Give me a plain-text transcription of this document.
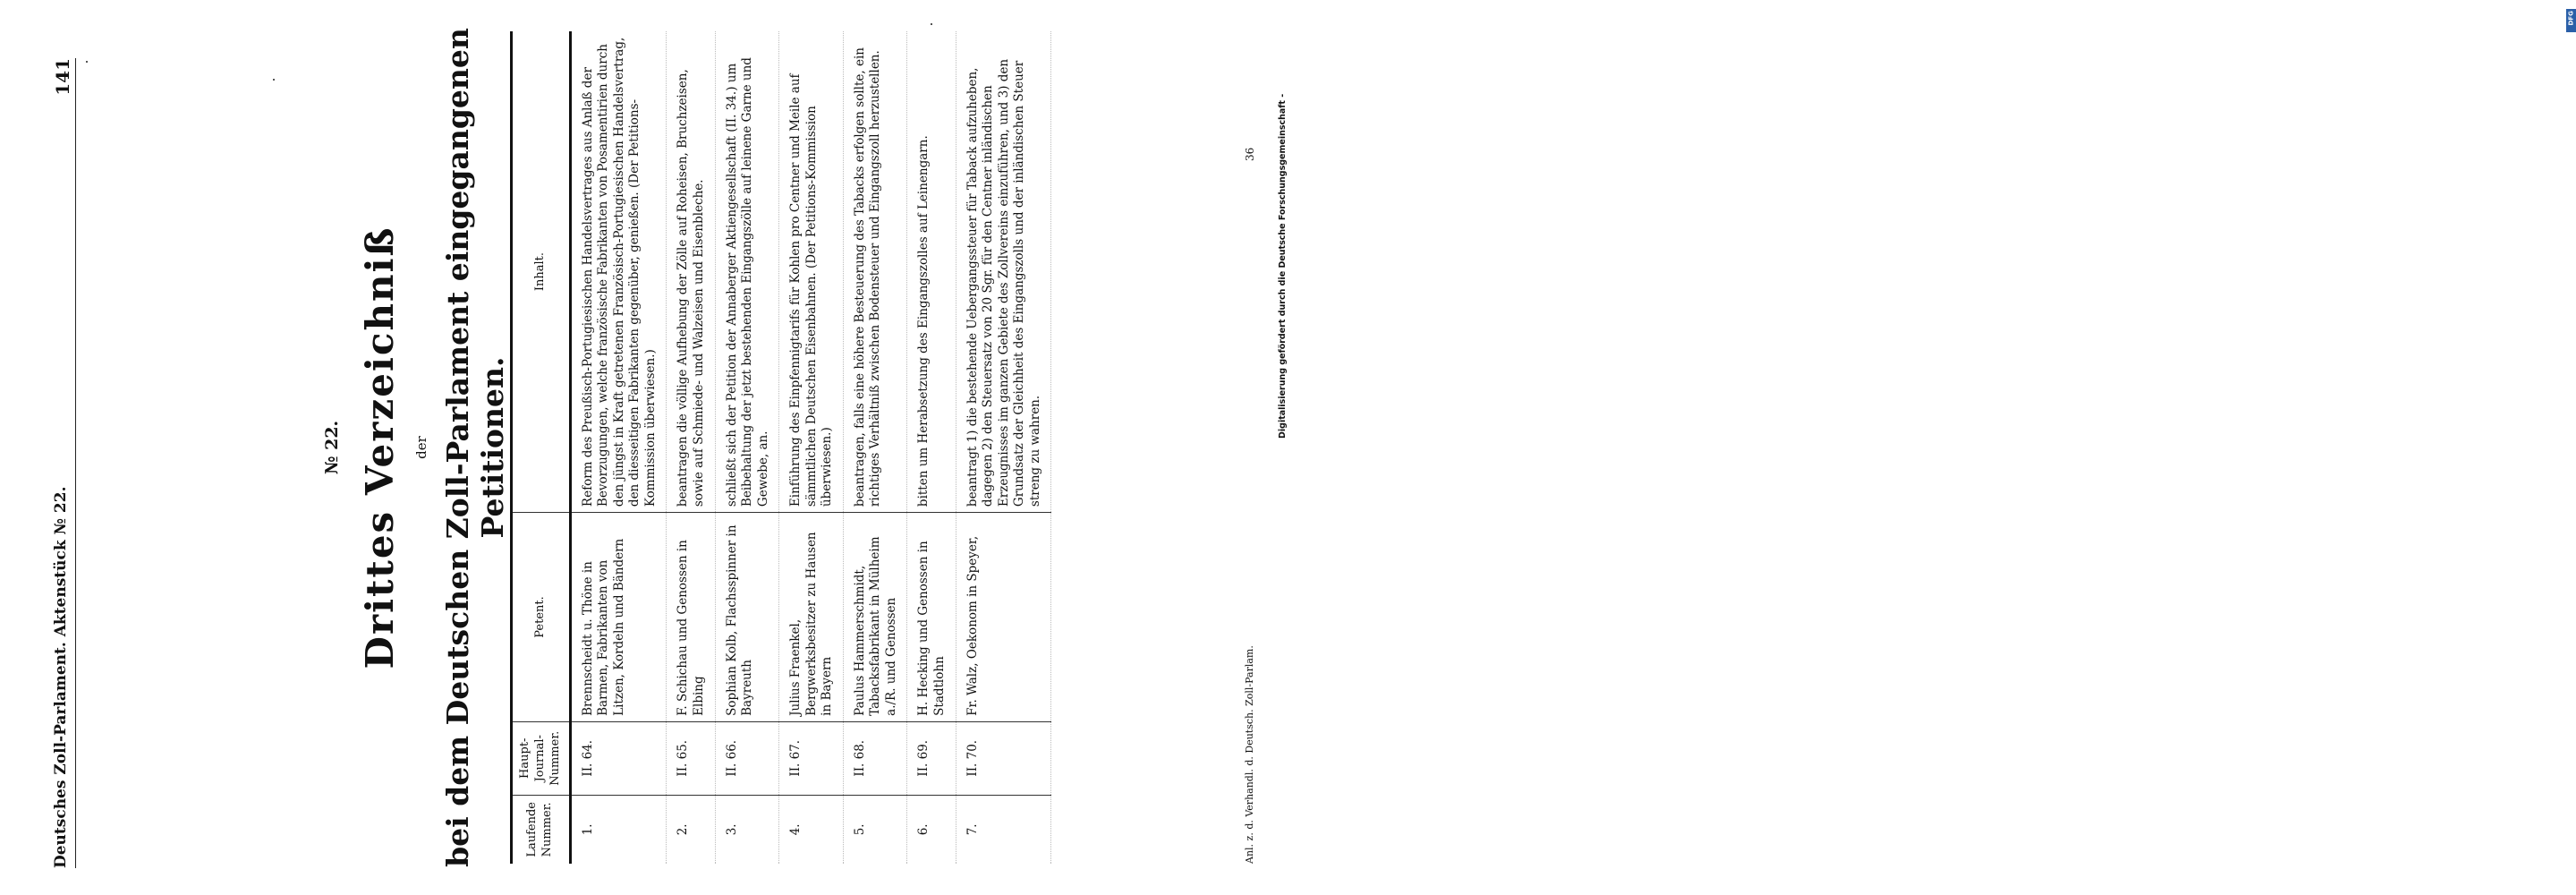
Deutsches Zoll-Parlament. Aktenstück № 22.
141
№ 22. Drittes Verzeichniß der bei dem Deutschen Zoll-Parlament eingegangenen Petitionen.
Laufende Nummer.	Haupt-Journal-Nummer.	Petent.	Inhalt.
1.	II. 64.	Brennscheidt u. Thöne in Barmen, Fabrikanten von Litzen, Kordeln und Bändern	Reform des Preußisch-Portugiesischen Handelsvertrages aus Anlaß der Bevorzugungen, welche französische Fabrikanten von Posamentirien durch den jüngst in Kraft getretenen Französisch-Portugiesischen Handelsvertrag, den diesseitigen Fabrikanten gegenüber, genießen. (Der Petitions-Kommission überwiesen.)
2.	II. 65.	F. Schichau und Genossen in Elbing	beantragen die völlige Aufhebung der Zölle auf Roheisen, Bruchzeisen, sowie auf Schmiede- und Walzeisen und Eisenbleche.
3.	II. 66.	Sophian Kolb, Flachsspinner in Bayreuth	schließt sich der Petition der Annaberger Aktiengesellschaft (II. 34.) um Beibehaltung der jetzt bestehenden Eingangszölle auf leinene Garne und Gewebe, an.
4.	II. 67.	Julius Fraenkel, Bergwerksbesitzer zu Hausen in Bayern	Einführung des Einpfennigtarifs für Kohlen pro Centner und Meile auf sämmtlichen Deutschen Eisenbahnen. (Der Petitions-Kommission überwiesen.)
5.	II. 68.	Paulus Hammerschmidt, Tabacksfabrikant in Mülheim a./R. und Genossen	beantragen, falls eine höhere Besteuerung des Tabacks erfolgen sollte, ein richtiges Verhältniß zwischen Bodensteuer und Eingangszoll herzustellen.
6.	II. 69.	H. Hecking und Genossen in Stadtlohn	bitten um Herabsetzung des Eingangszolles auf Leinengarn.
7.	II. 70.	Fr. Walz, Oekonom in Speyer,	beantragt 1) die bestehende Uebergangssteuer für Taback aufzuheben, dagegen 2) den Steuersatz von 20 Sgr. für den Centner inländischen Erzeugnisses im ganzen Gebiete des Zollvereins einzuführen, und 3) den Grundsatz der Gleichheit des Eingangszolls und der inländischen Steuer streng zu wahren.
Anl. z. d. Verhandl. d. Deutsch. Zoll-Parlam.
36
DFG
Digitalisierung gefördert durch die Deutsche Forschungsgemeinschaft -
